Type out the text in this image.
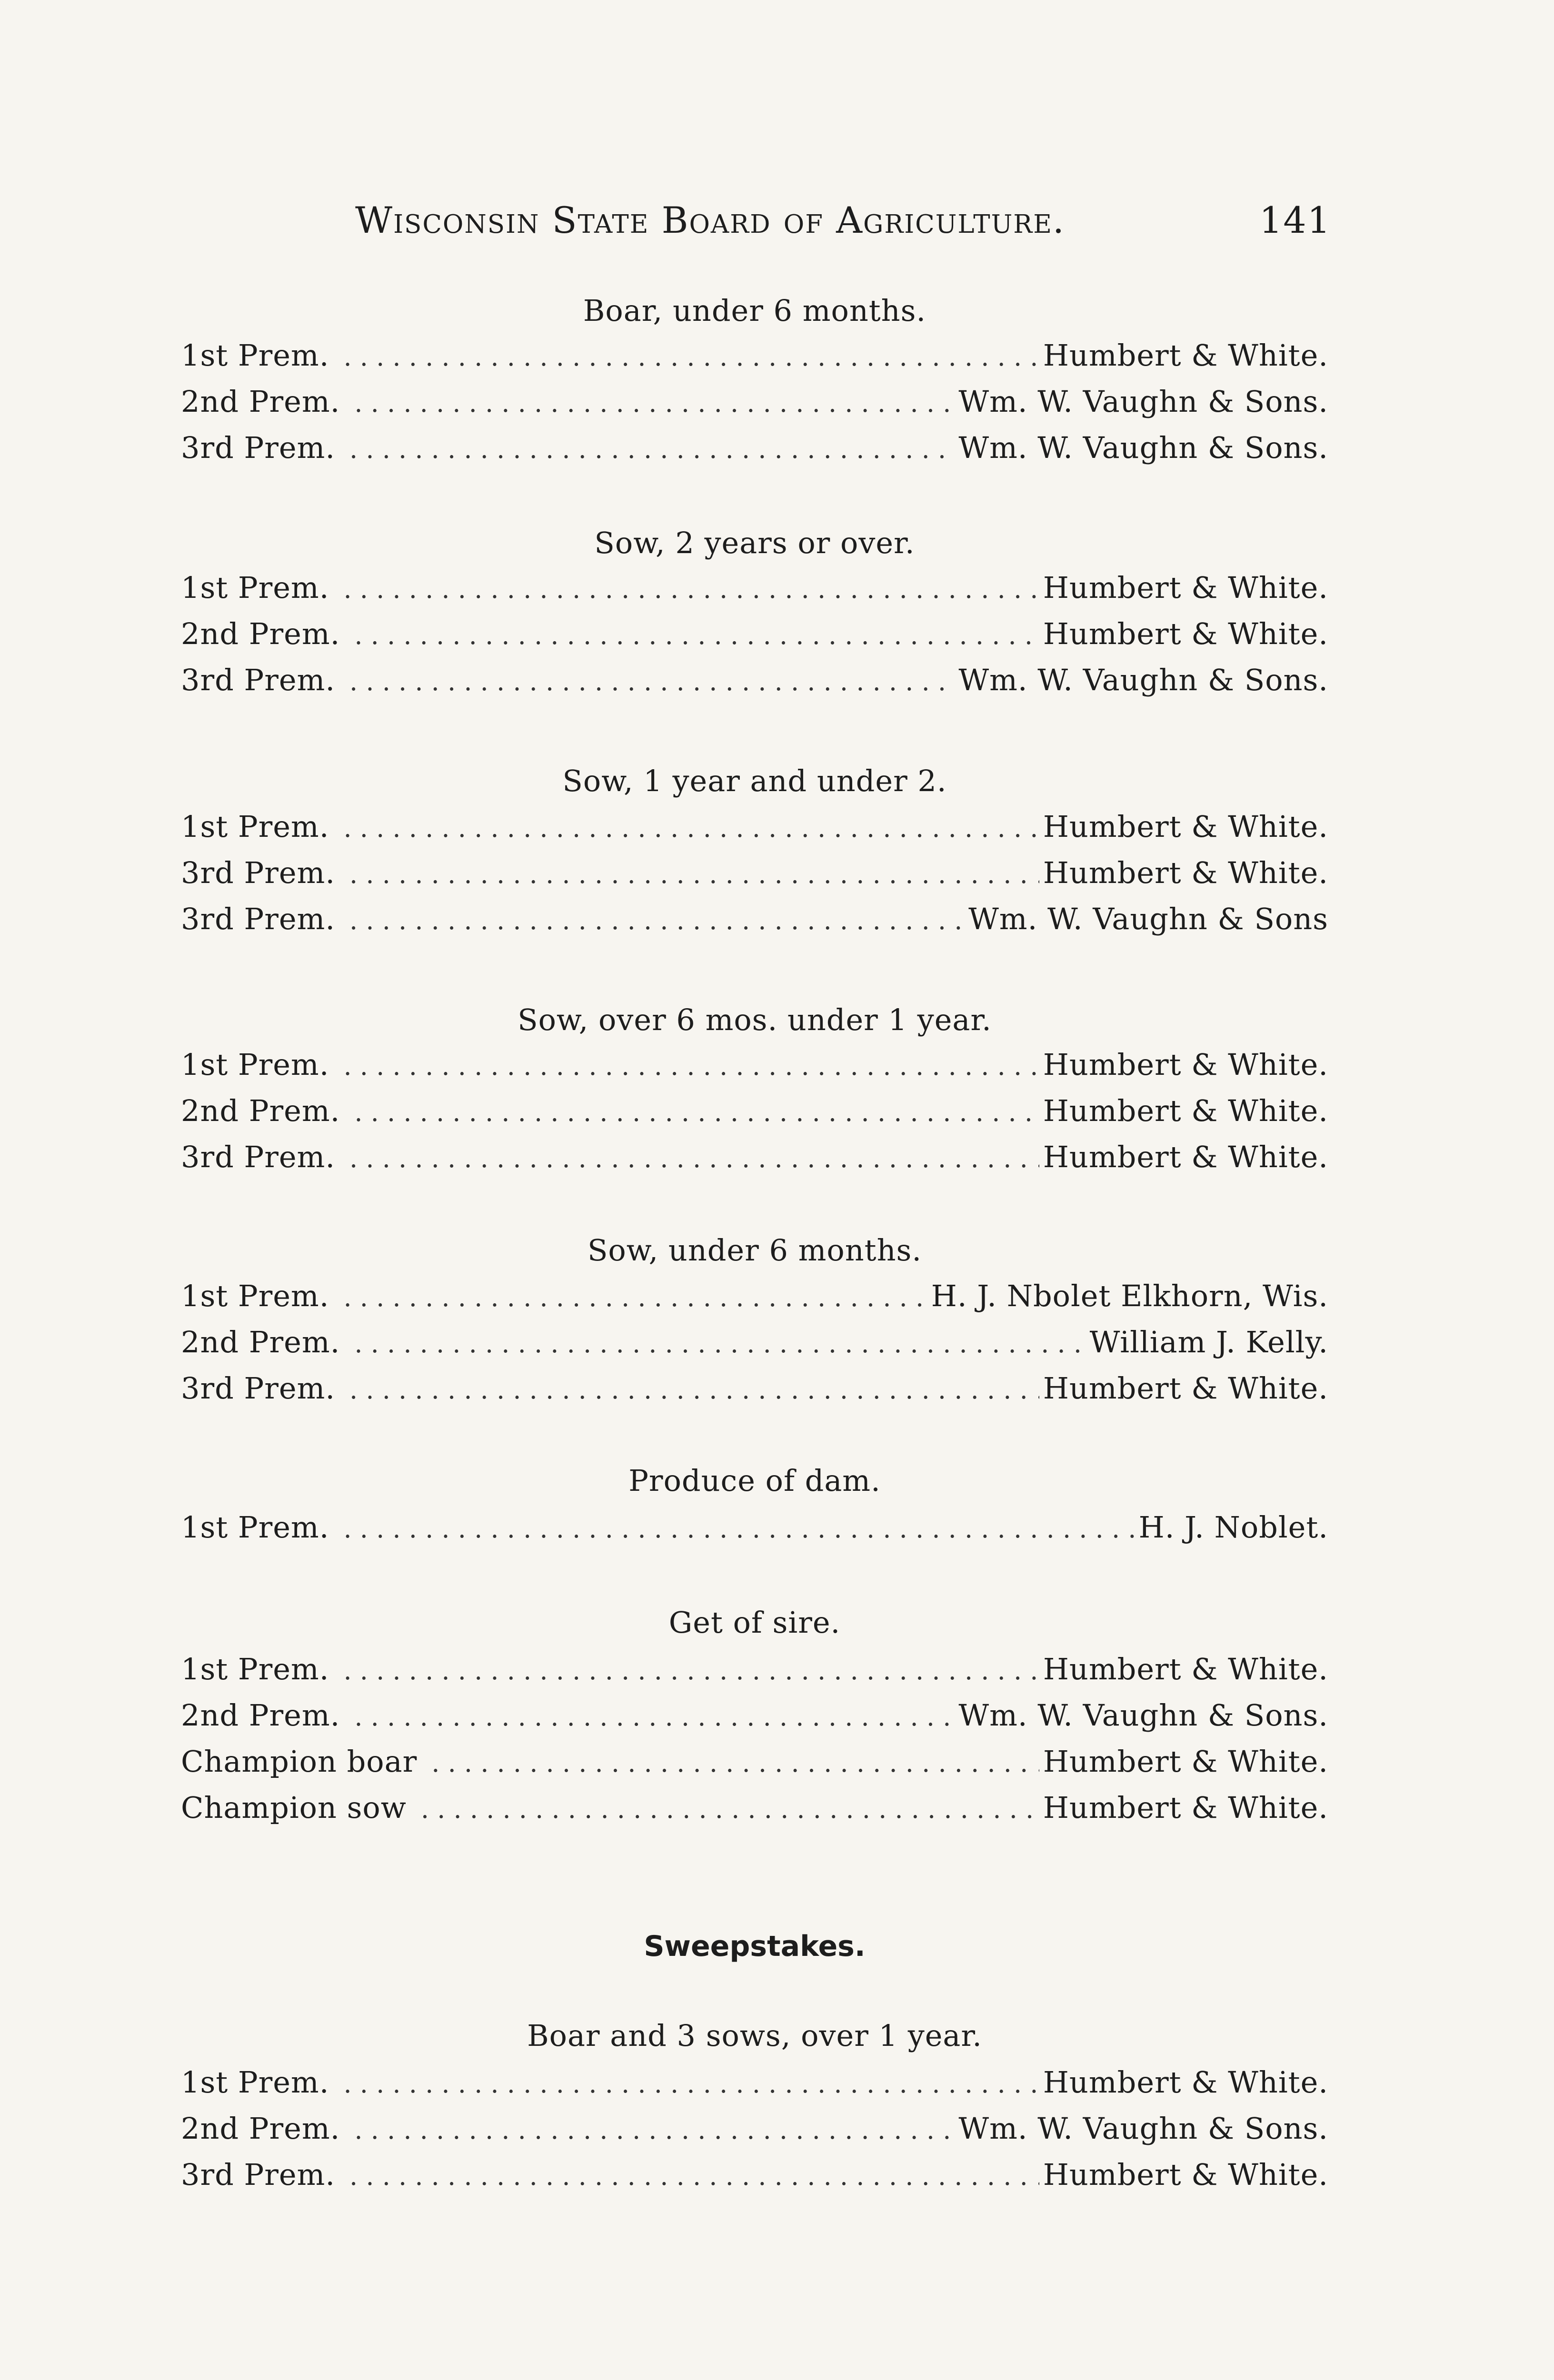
Wisconsin State Board of Agriculture.	141
Boar, under 6 months.
1st Prem. . . .	Humbert & White.
2nd Prem. . . .	Wm. W. Vaughn & Sons.
3rd Prem. . . .	Wm. W. Vaughn & Sons.
Sow, 2 years or over.
1st Prem. . . .	Humbert & White.
2nd Prem. . . .	Humbert & White.
3rd Prem. . . .	Wm. W. Vaughn & Sons.
Sow, 1 year and under 2.
1st Prem. . . .	Humbert & White.
3rd Prem. . . .	Humbert & White.
3rd Prem. . . .	Wm. W. Vaughn & Sons
Sow, over 6 mos. under 1 year.
1st Prem. . . .	Humbert & White.
2nd Prem. . . .	Humbert & White.
3rd Prem. . . .	Humbert & White.
Sow, under 6 months.
1st Prem. . . .	H. J. Nbolet Elkhorn, Wis.
2nd Prem. . . .	William J. Kelly.
3rd Prem. . . .	Humbert & White.
Produce of dam.
1st Prem. . . .	H. J. Noblet.
Get of sire.
1st Prem. . . .	Humbert & White.
2nd Prem. . . .	Wm. W. Vaughn & Sons.
Champion boar . . .	Humbert & White.
Champion sow . . .	Humbert & White.
Sweepstakes.
Boar and 3 sows, over 1 year.
1st Prem. . . .	Humbert & White.
2nd Prem. . . .	Wm. W. Vaughn & Sons.
3rd Prem. . . .	Humbert & White.
